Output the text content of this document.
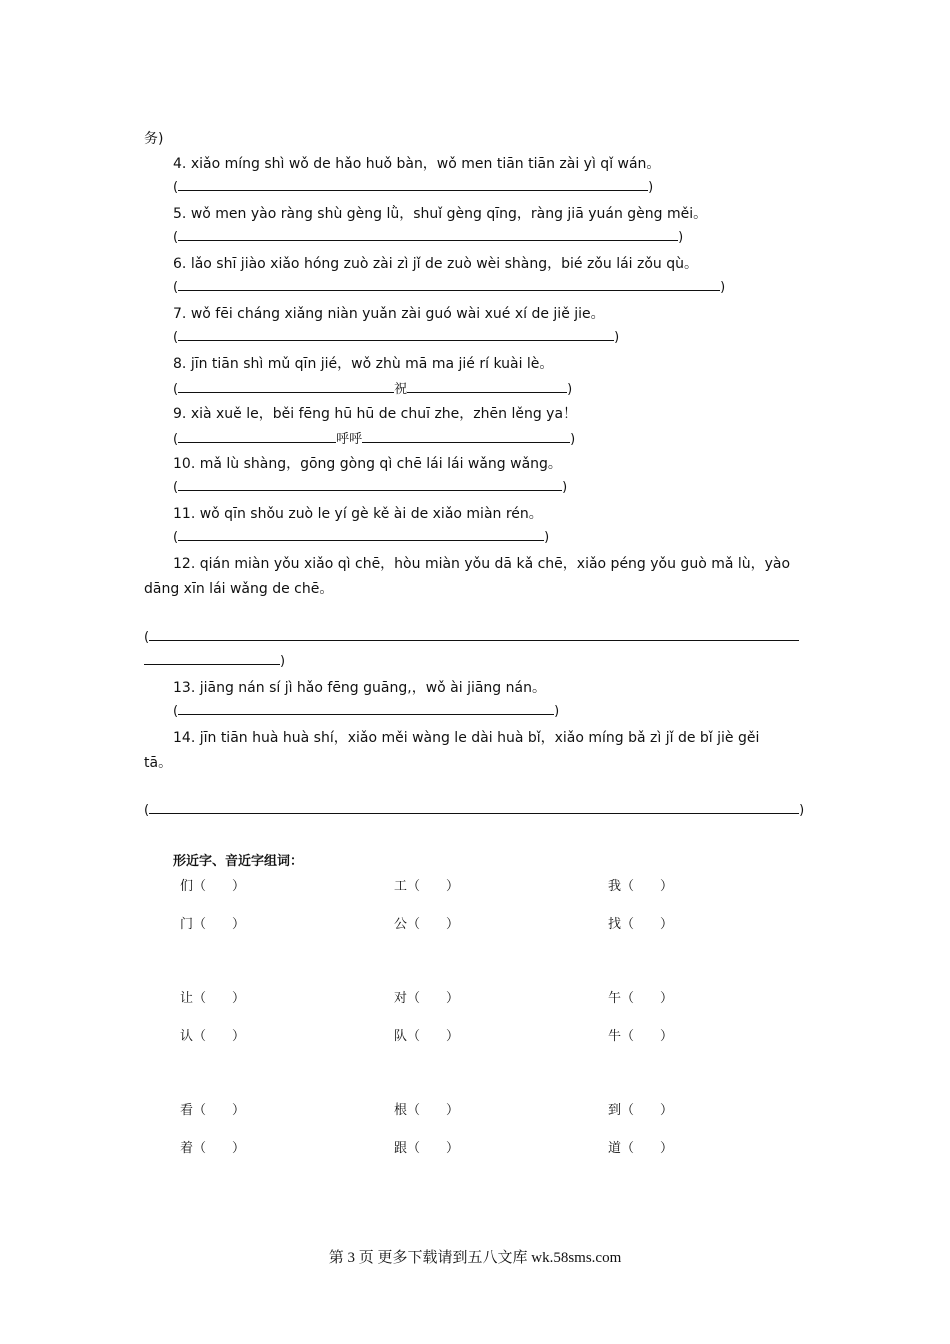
务)
4. xiǎo míng shì wǒ de hǎo huǒ bàn，wǒ men tiān tiān zài yì qǐ wán。
(	)
5. wǒ men yào ràng shù gèng lǜ，shuǐ gèng qīng，ràng jiā yuán gèng měi。
(	)
6. lǎo shī jiào xiǎo hóng zuò zài zì jǐ de zuò wèi shàng，bié zǒu lái zǒu qù。
(	)
7. wǒ fēi cháng xiǎng niàn yuǎn zài guó wài xué xí de jiě jie。
(	)
8. jīn tiān shì mǔ qīn jié，wǒ zhù mā ma jié rí kuài lè。
(	祝	)
9. xià xuě le，běi fēng hū hū de chuī zhe，zhēn lěng ya！
(	呼呼	)
10. mǎ lù shàng，gōng gòng qì chē lái lái wǎng wǎng。
(	)
11. wǒ qīn shǒu zuò le yí gè kě ài de xiǎo miàn rén。
(	)
12. qián miàn yǒu xiǎo qì chē，hòu miàn yǒu dā kǎ chē，xiǎo péng yǒu guò mǎ lù，yào
dāng xīn lái wǎng de chē。
(
)
13. jiāng nán sí jì hǎo fēng guāng,，wǒ ài jiāng nán。
(	)
14. jīn tiān huà huà shí，xiǎo měi wàng le dài huà bǐ，xiǎo míng bǎ zì jǐ de bǐ jiè gěi
tā。
(	)
形近字、音近字组词：
们（　　）	工（　　）	我（　　）
门（　　）	公（　　）	找（　　）
让（　　）	对（　　）	午（　　）
认（　　）	队（　　）	牛（　　）
看（　　）	根（　　）	到（　　）
着（　　）	跟（　　）	道（　　）
第 3 页 更多下载请到五八文库 wk.58sms.com
